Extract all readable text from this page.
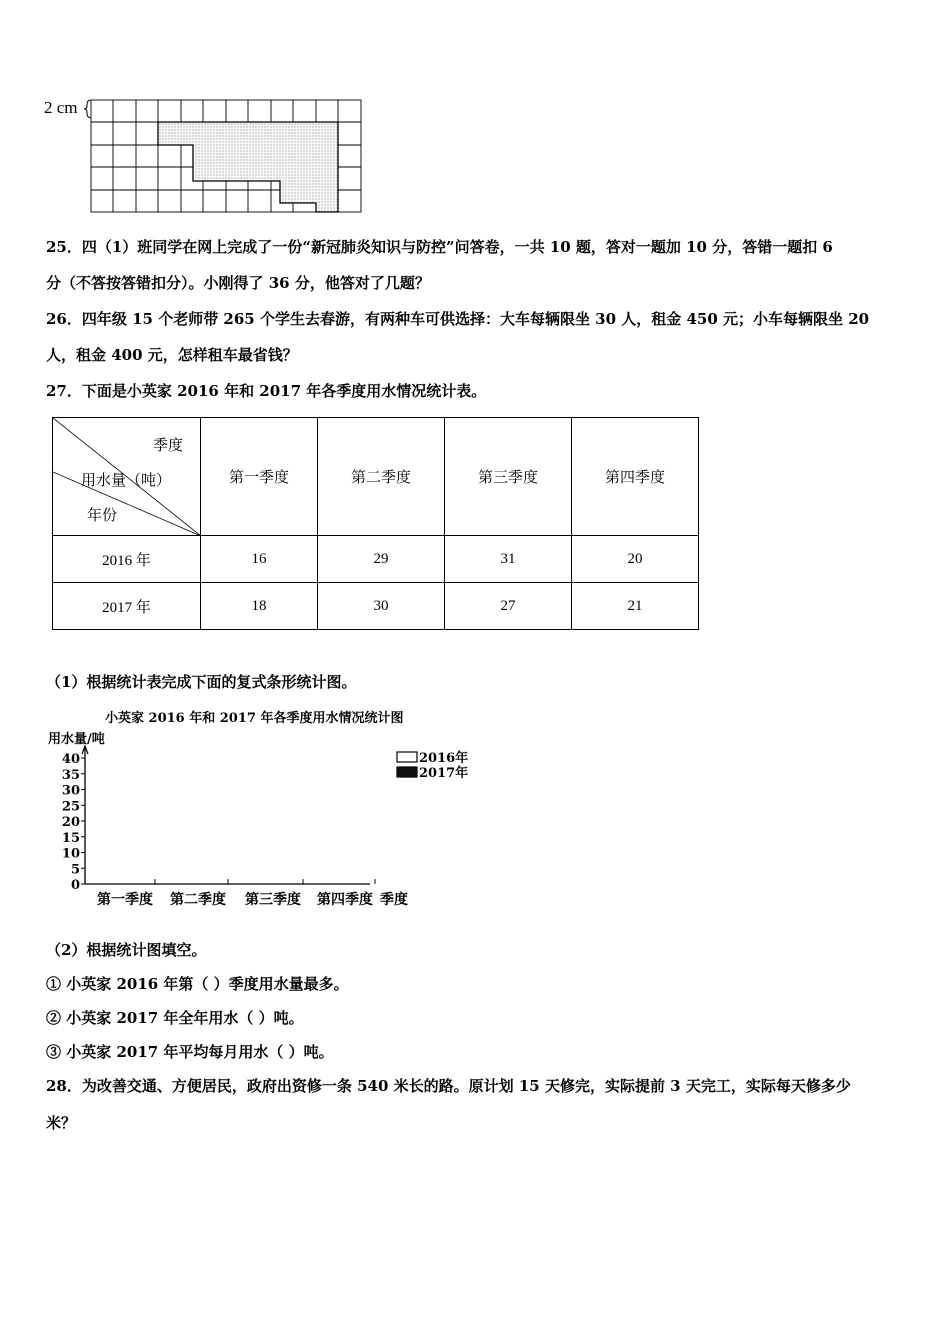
2 cm
25．四（1）班同学在网上完成了一份“新冠肺炎知识与防控”问答卷，一共 10 题，答对一题加 10 分，答错一题扣 6
分（不答按答错扣分）。小刚得了 36 分，他答对了几题？
26．四年级 15 个老师带 265 个学生去春游，有两种车可供选择：大车每辆限坐 30 人，租金 450 元；小车每辆限坐 20
人，租金 400 元，怎样租车最省钱？
27．下面是小英家 2016 年和 2017 年各季度用水情况统计表。
季度
用水量（吨）
年份	第一季度	第二季度	第三季度	第四季度
2016 年	16	29	31	20
2017 年	18	30	27	21
（1）根据统计表完成下面的复式条形统计图。
小英家 2016 年和 2017 年各季度用水情况统计图
用水量/吨
0
5
10
15
20
25
30
35
40
第一季度 第二季度 第三季度 第四季度 季度
2016年
2017年
（2）根据统计图填空。
① 小英家 2016 年第（ ）季度用水量最多。
② 小英家 2017 年全年用水（ ）吨。
③ 小英家 2017 年平均每月用水（ ）吨。
28．为改善交通、方便居民，政府出资修一条 540 米长的路。原计划 15 天修完，实际提前 3 天完工，实际每天修多少
米？
